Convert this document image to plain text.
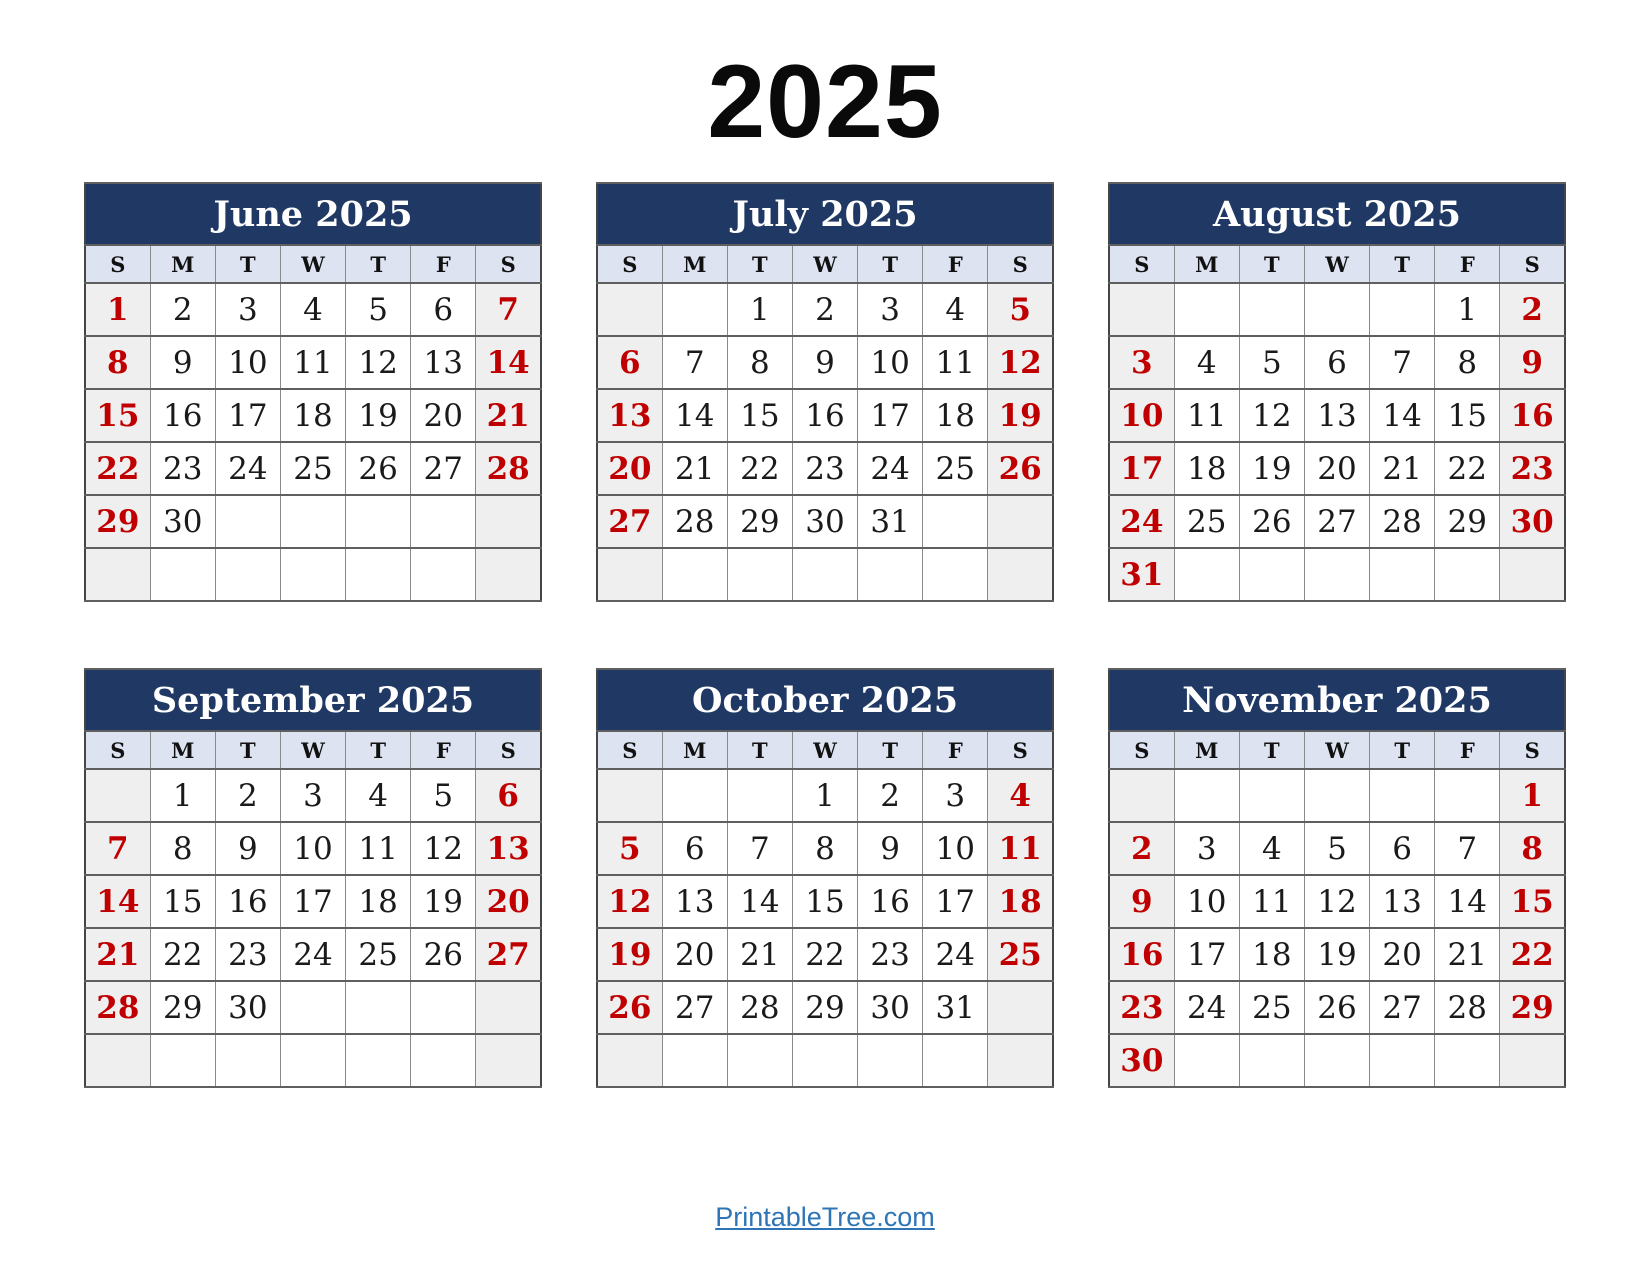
2025
June 2025						
S	M	T	W	T	F	S
1	2	3	4	5	6	7
8	9	10	11	12	13	14
15	16	17	18	19	20	21
22	23	24	25	26	27	28
29	30					

July 2025						
S	M	T	W	T	F	S
		1	2	3	4	5
6	7	8	9	10	11	12
13	14	15	16	17	18	19
20	21	22	23	24	25	26
27	28	29	30	31		

August 2025						
S	M	T	W	T	F	S
					1	2
3	4	5	6	7	8	9
10	11	12	13	14	15	16
17	18	19	20	21	22	23
24	25	26	27	28	29	30
31						
September 2025						
S	M	T	W	T	F	S
	1	2	3	4	5	6
7	8	9	10	11	12	13
14	15	16	17	18	19	20
21	22	23	24	25	26	27
28	29	30				

October 2025						
S	M	T	W	T	F	S
			1	2	3	4
5	6	7	8	9	10	11
12	13	14	15	16	17	18
19	20	21	22	23	24	25
26	27	28	29	30	31	

November 2025						
S	M	T	W	T	F	S
						1
2	3	4	5	6	7	8
9	10	11	12	13	14	15
16	17	18	19	20	21	22
23	24	25	26	27	28	29
30						
PrintableTree.com
